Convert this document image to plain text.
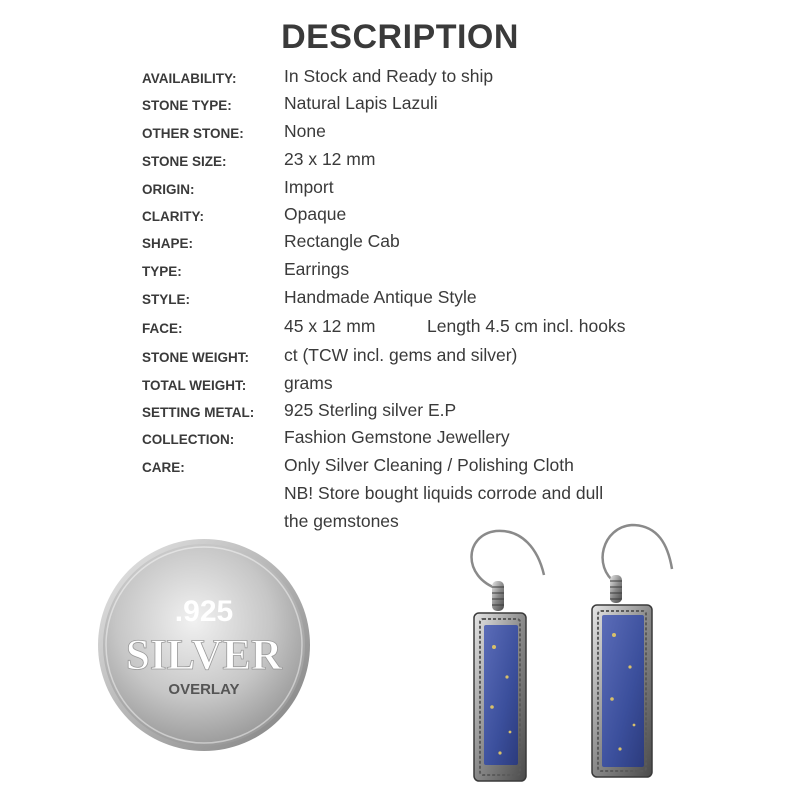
DESCRIPTION
AVAILABILITY:	In Stock and Ready to ship
STONE TYPE:	Natural Lapis Lazuli
OTHER STONE: None
STONE SIZE:	23 x 12 mm
ORIGIN:	Import
CLARITY:	Opaque
SHAPE:	Rectangle Cab
TYPE:	Earrings
STYLE:	Handmade Antique Style
FACE:	45 x 12 mm	Length 4.5 cm incl. hooks
STONE WEIGHT: ct (TCW incl. gems and silver)
TOTAL WEIGHT: grams
SETTING METAL: 925 Sterling silver E.P
COLLECTION:	Fashion Gemstone Jewellery
CARE:	Only Silver Cleaning / Polishing Cloth
NB! Store bought liquids corrode and dull
the gemstones
.925
SILVER
OVERLAY
